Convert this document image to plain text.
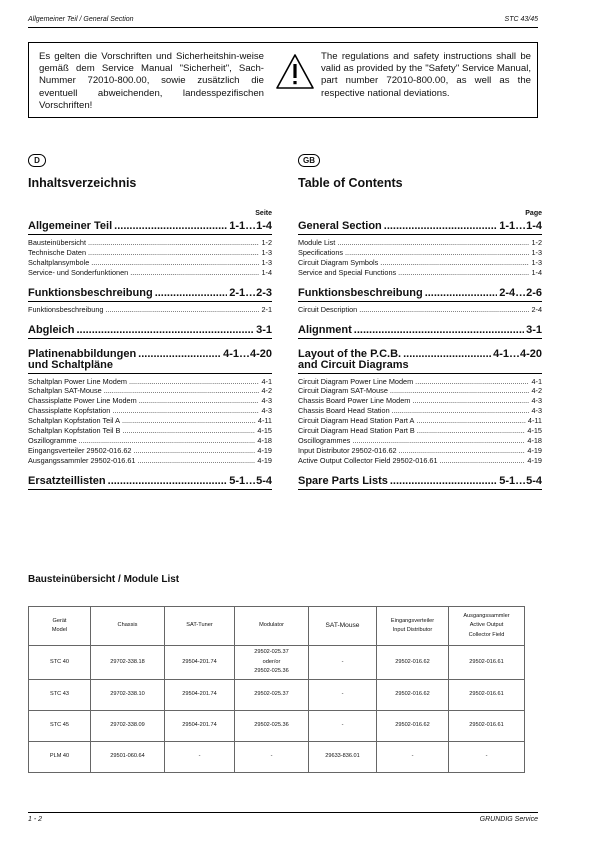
Allgemeiner Teil / General Section	STC 43/45
Es gelten die Vorschriften und Sicherheitshin-weise gemäß dem Service Manual "Sicherheit", Sach-Nummer 72010-800.00, sowie zusätzlich die eventuell abweichenden, landesspezifischen Vorschriften!
The regulations and safety instructions shall be valid as provided by the "Safety" Service Manual, part number 72010-800.00, as well as the respective national deviations.
D	GB
Inhaltsverzeichnis
Seite
Allgemeiner Teil .....	1-1…1-4
Bausteinübersicht .....	1-2
Technische Daten .....	1-3
Schaltplansymbole .....	1-3
Service- und Sonderfunktionen .....	1-4
Funktionsbeschreibung .....	2-1…2-3
Funktionsbeschreibung .....	2-1
Abgleich .....	3-1
Platinenabbildungen .....	4-1…4-20
und Schaltpläne
Schaltplan Power Line Modem .....	4-1
Schaltplan SAT-Mouse .....	4-2
Chassisplatte Power Line Modem .....	4-3
Chassisplatte Kopfstation .....	4-3
Schaltplan Kopfstation Teil A .....	4-11
Schaltplan Kopfstation Teil B .....	4-15
Oszillogramme .....	4-18
Eingangsverteiler 29502-016.62 .....	4-19
Ausgangssammler 29502-016.61 .....	4-19
Ersatzteillisten .....	5-1…5-4
Table of Contents
Page
General Section .....	1-1…1-4
Module List .....	1-2
Specifications .....	1-3
Circuit Diagram Symbols .....	1-3
Service and Special Functions .....	1-4
Funktionsbeschreibung .....	2-4…2-6
Circuit Description .....	2-4
Alignment .....	3-1
Layout of the P.C.B. .....	4-1…4-20
and Circuit Diagrams
Circuit Diagram Power Line Modem .....	4-1
Circuit Diagram SAT-Mouse .....	4-2
Chassis Board Power Line Modem .....	4-3
Chassis Board Head Station .....	4-3
Circuit Diagram Head Station Part A .....	4-11
Circuit Diagram Head Station Part B .....	4-15
Oscillogrammes .....	4-18
Input Distributor 29502-016.62 .....	4-19
Active Output Collector Field 29502-016.61 .....	4-19
Spare Parts Lists .....	5-1…5-4
Bausteinübersicht / Module List
Gerät
Model	Chassis	SAT-Tuner	Modulator	SAT-Mouse	Eingangsverteiler
Input Distributor	Ausgangssammler
Active Output
Collector Field
STC 40	29702-338.18	29504-201.74	29502-025.37
oder/or
29502-025.36	-	29502-016.62	29502-016.61
STC 43	29702-338.10	29504-201.74	29502-025.37	-	29502-016.62	29502-016.61
STC 45	29702-338.09	29504-201.74	29502-025.36	-	29502-016.62	29502-016.61
PLM 40	29501-060.64	-	-	29633-836.01	-	-
1 - 2	GRUNDIG Service
